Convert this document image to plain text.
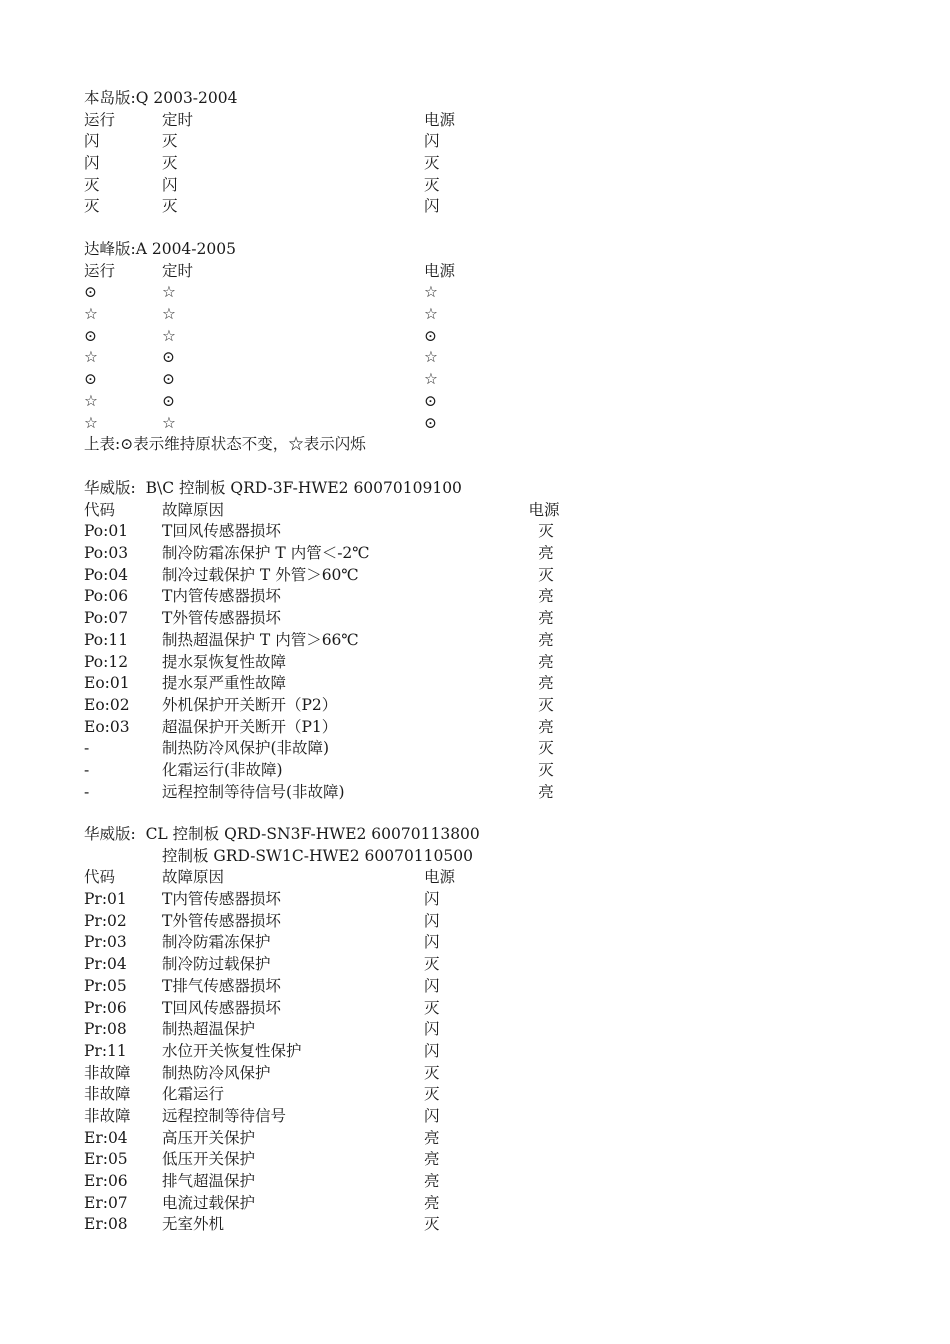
本岛版:Q 2003-2004
运行	定时	电源
闪	灭	闪
闪	灭	灭
灭	闪	灭
灭	灭	闪
达峰版:A 2004-2005
运行	定时	电源
⊙	☆	☆
☆	☆	☆
⊙	☆	⊙
☆	⊙	☆
⊙	⊙	☆
☆	⊙	⊙
☆	☆	⊙
上表:⊙表示维持原状态不变，☆表示闪烁
华威版:  B\C 控制板 QRD-3F-HWE2 60070109100
代码	故障原因	电源
Po:01 T回风传感器损坏	灭
Po:03 制冷防霜冻保护 T 内管＜-2℃	亮
Po:04 制冷过载保护 T 外管＞60℃	灭
Po:06 T内管传感器损坏	亮
Po:07 T外管传感器损坏	亮
Po:11 制热超温保护 T 内管＞66℃	亮
Po:12 提水泵恢复性故障	亮
Eo:01 提水泵严重性故障	亮
Eo:02 外机保护开关断开（P2）	灭
Eo:03 超温保护开关断开（P1）	亮
-	制热防冷风保护(非故障)	灭
-	化霜运行(非故障)	灭
-	远程控制等待信号(非故障)	亮
华威版:  CL 控制板 QRD-SN3F-HWE2 60070113800
控制板 GRD-SW1C-HWE2 60070110500
代码	故障原因	电源
Pr:01 T内管传感器损坏	闪
Pr:02 T外管传感器损坏	闪
Pr:03 制冷防霜冻保护	闪
Pr:04 制冷防过载保护	灭
Pr:05 T排气传感器损坏	闪
Pr:06 T回风传感器损坏	灭
Pr:08 制热超温保护	闪
Pr:11 水位开关恢复性保护	闪
非故障 制热防冷风保护	灭
非故障 化霜运行	灭
非故障 远程控制等待信号	闪
Er:04 高压开关保护	亮
Er:05 低压开关保护	亮
Er:06 排气超温保护	亮
Er:07 电流过载保护	亮
Er:08 无室外机	灭
